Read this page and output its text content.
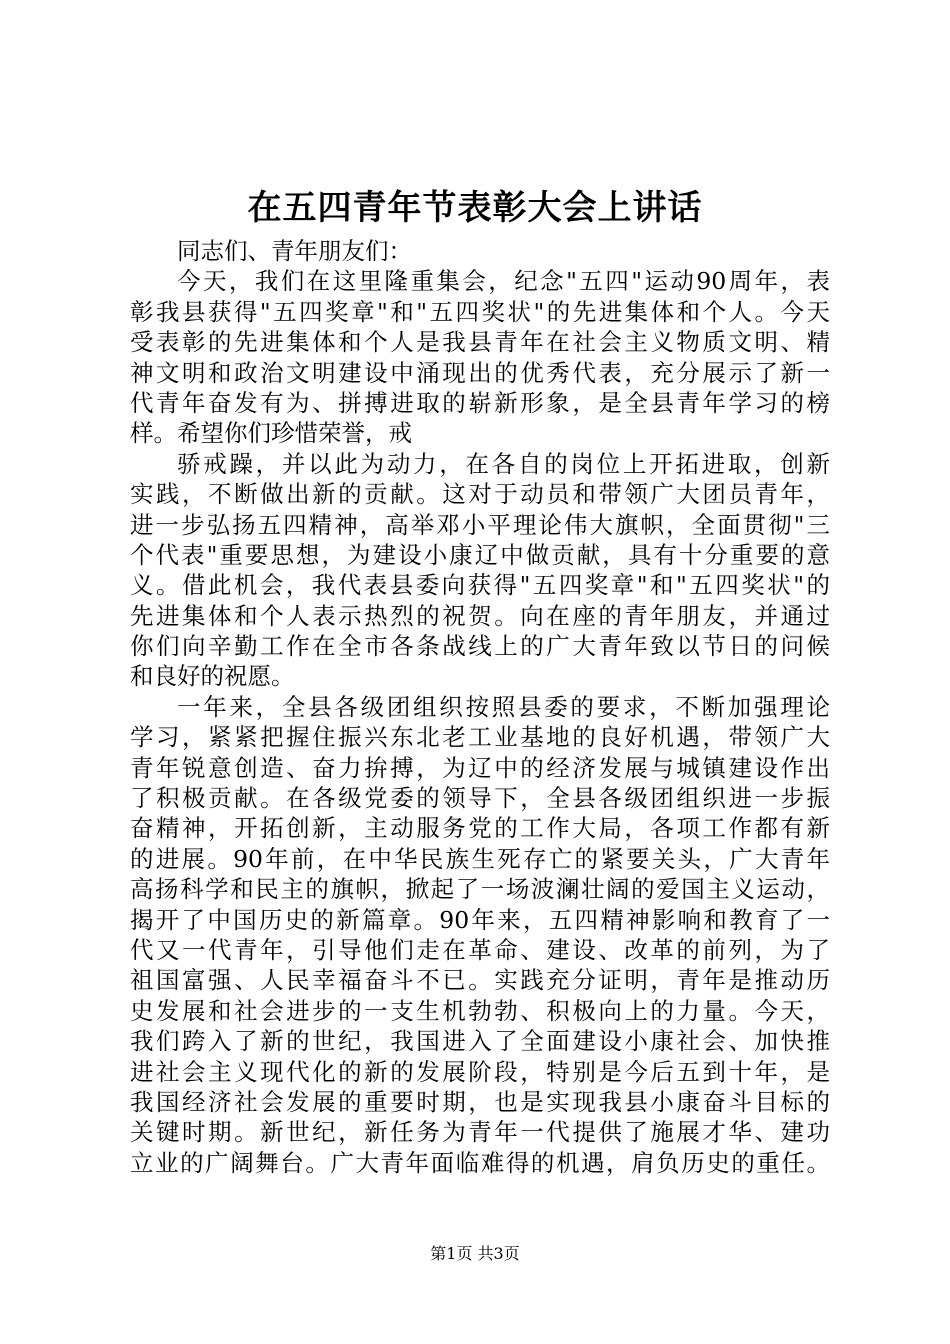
在五四青年节表彰大会上讲话
同志们、青年朋友们：
今天，我们在这里隆重集会，纪念"五四"运动90周年，表
彰我县获得"五四奖章"和"五四奖状"的先进集体和个人。今天
受表彰的先进集体和个人是我县青年在社会主义物质文明、精
神文明和政治文明建设中涌现出的优秀代表，充分展示了新一
代青年奋发有为、拼搏进取的崭新形象，是全县青年学习的榜
样。希望你们珍惜荣誉，戒
骄戒躁，并以此为动力，在各自的岗位上开拓进取，创新
实践，不断做出新的贡献。这对于动员和带领广大团员青年，
进一步弘扬五四精神，高举邓小平理论伟大旗帜，全面贯彻"三
个代表"重要思想，为建设小康辽中做贡献，具有十分重要的意
义。借此机会，我代表县委向获得"五四奖章"和"五四奖状"的
先进集体和个人表示热烈的祝贺。向在座的青年朋友，并通过
你们向辛勤工作在全市各条战线上的广大青年致以节日的问候
和良好的祝愿。
一年来，全县各级团组织按照县委的要求，不断加强理论
学习，紧紧把握住振兴东北老工业基地的良好机遇，带领广大
青年锐意创造、奋力拚搏，为辽中的经济发展与城镇建设作出
了积极贡献。在各级党委的领导下，全县各级团组织进一步振
奋精神，开拓创新，主动服务党的工作大局，各项工作都有新
的进展。90年前，在中华民族生死存亡的紧要关头，广大青年
高扬科学和民主的旗帜，掀起了一场波澜壮阔的爱国主义运动，
揭开了中国历史的新篇章。90年来，五四精神影响和教育了一
代又一代青年，引导他们走在革命、建设、改革的前列，为了
祖国富强、人民幸福奋斗不已。实践充分证明，青年是推动历
史发展和社会进步的一支生机勃勃、积极向上的力量。今天，
我们跨入了新的世纪，我国进入了全面建设小康社会、加快推
进社会主义现代化的新的发展阶段，特别是今后五到十年，是
我国经济社会发展的重要时期，也是实现我县小康奋斗目标的
关键时期。新世纪，新任务为青年一代提供了施展才华、建功
立业的广阔舞台。广大青年面临难得的机遇，肩负历史的重任。
第1页 共3页
